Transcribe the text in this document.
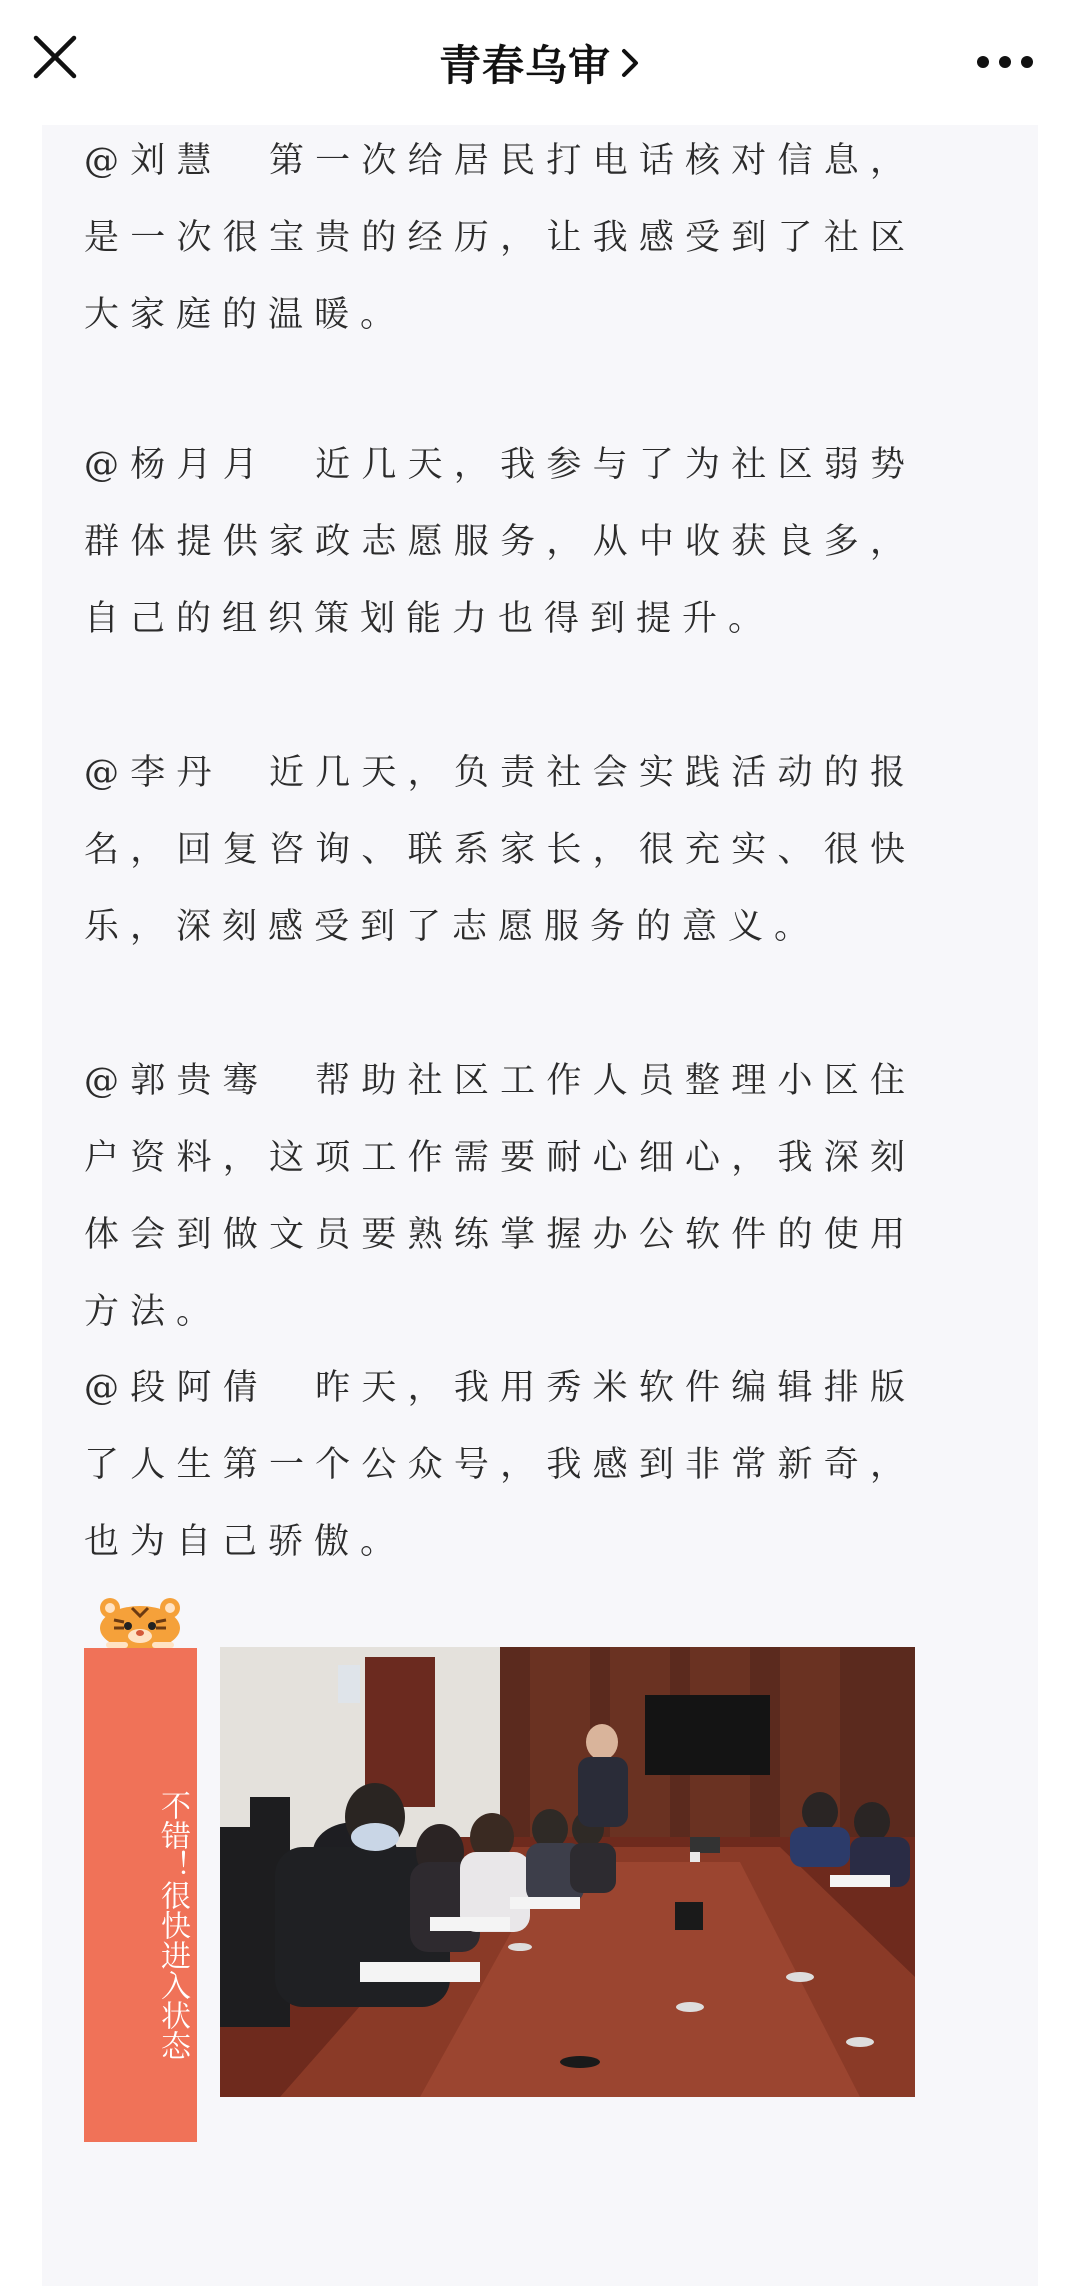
青春乌审

@刘慧　第一次给居民打电话核对信息，是一次很宝贵的经历，让我感受到了社区大家庭的温暖。

@杨月月　近几天，我参与了为社区弱势群体提供家政志愿服务，从中收获良多，自己的组织策划能力也得到提升。

@李丹　近几天，负责社会实践活动的报名，回复咨询、联系家长，很充实、很快乐，深刻感受到了志愿服务的意义。

@郭贵骞　帮助社区工作人员整理小区住户资料，这项工作需要耐心细心，我深刻体会到做文员要熟练掌握办公软件的使用方法。

@段阿倩　昨天，我用秀米软件编辑排版了人生第一个公众号，我感到非常新奇，也为自己骄傲。

不错！很快进入状态
